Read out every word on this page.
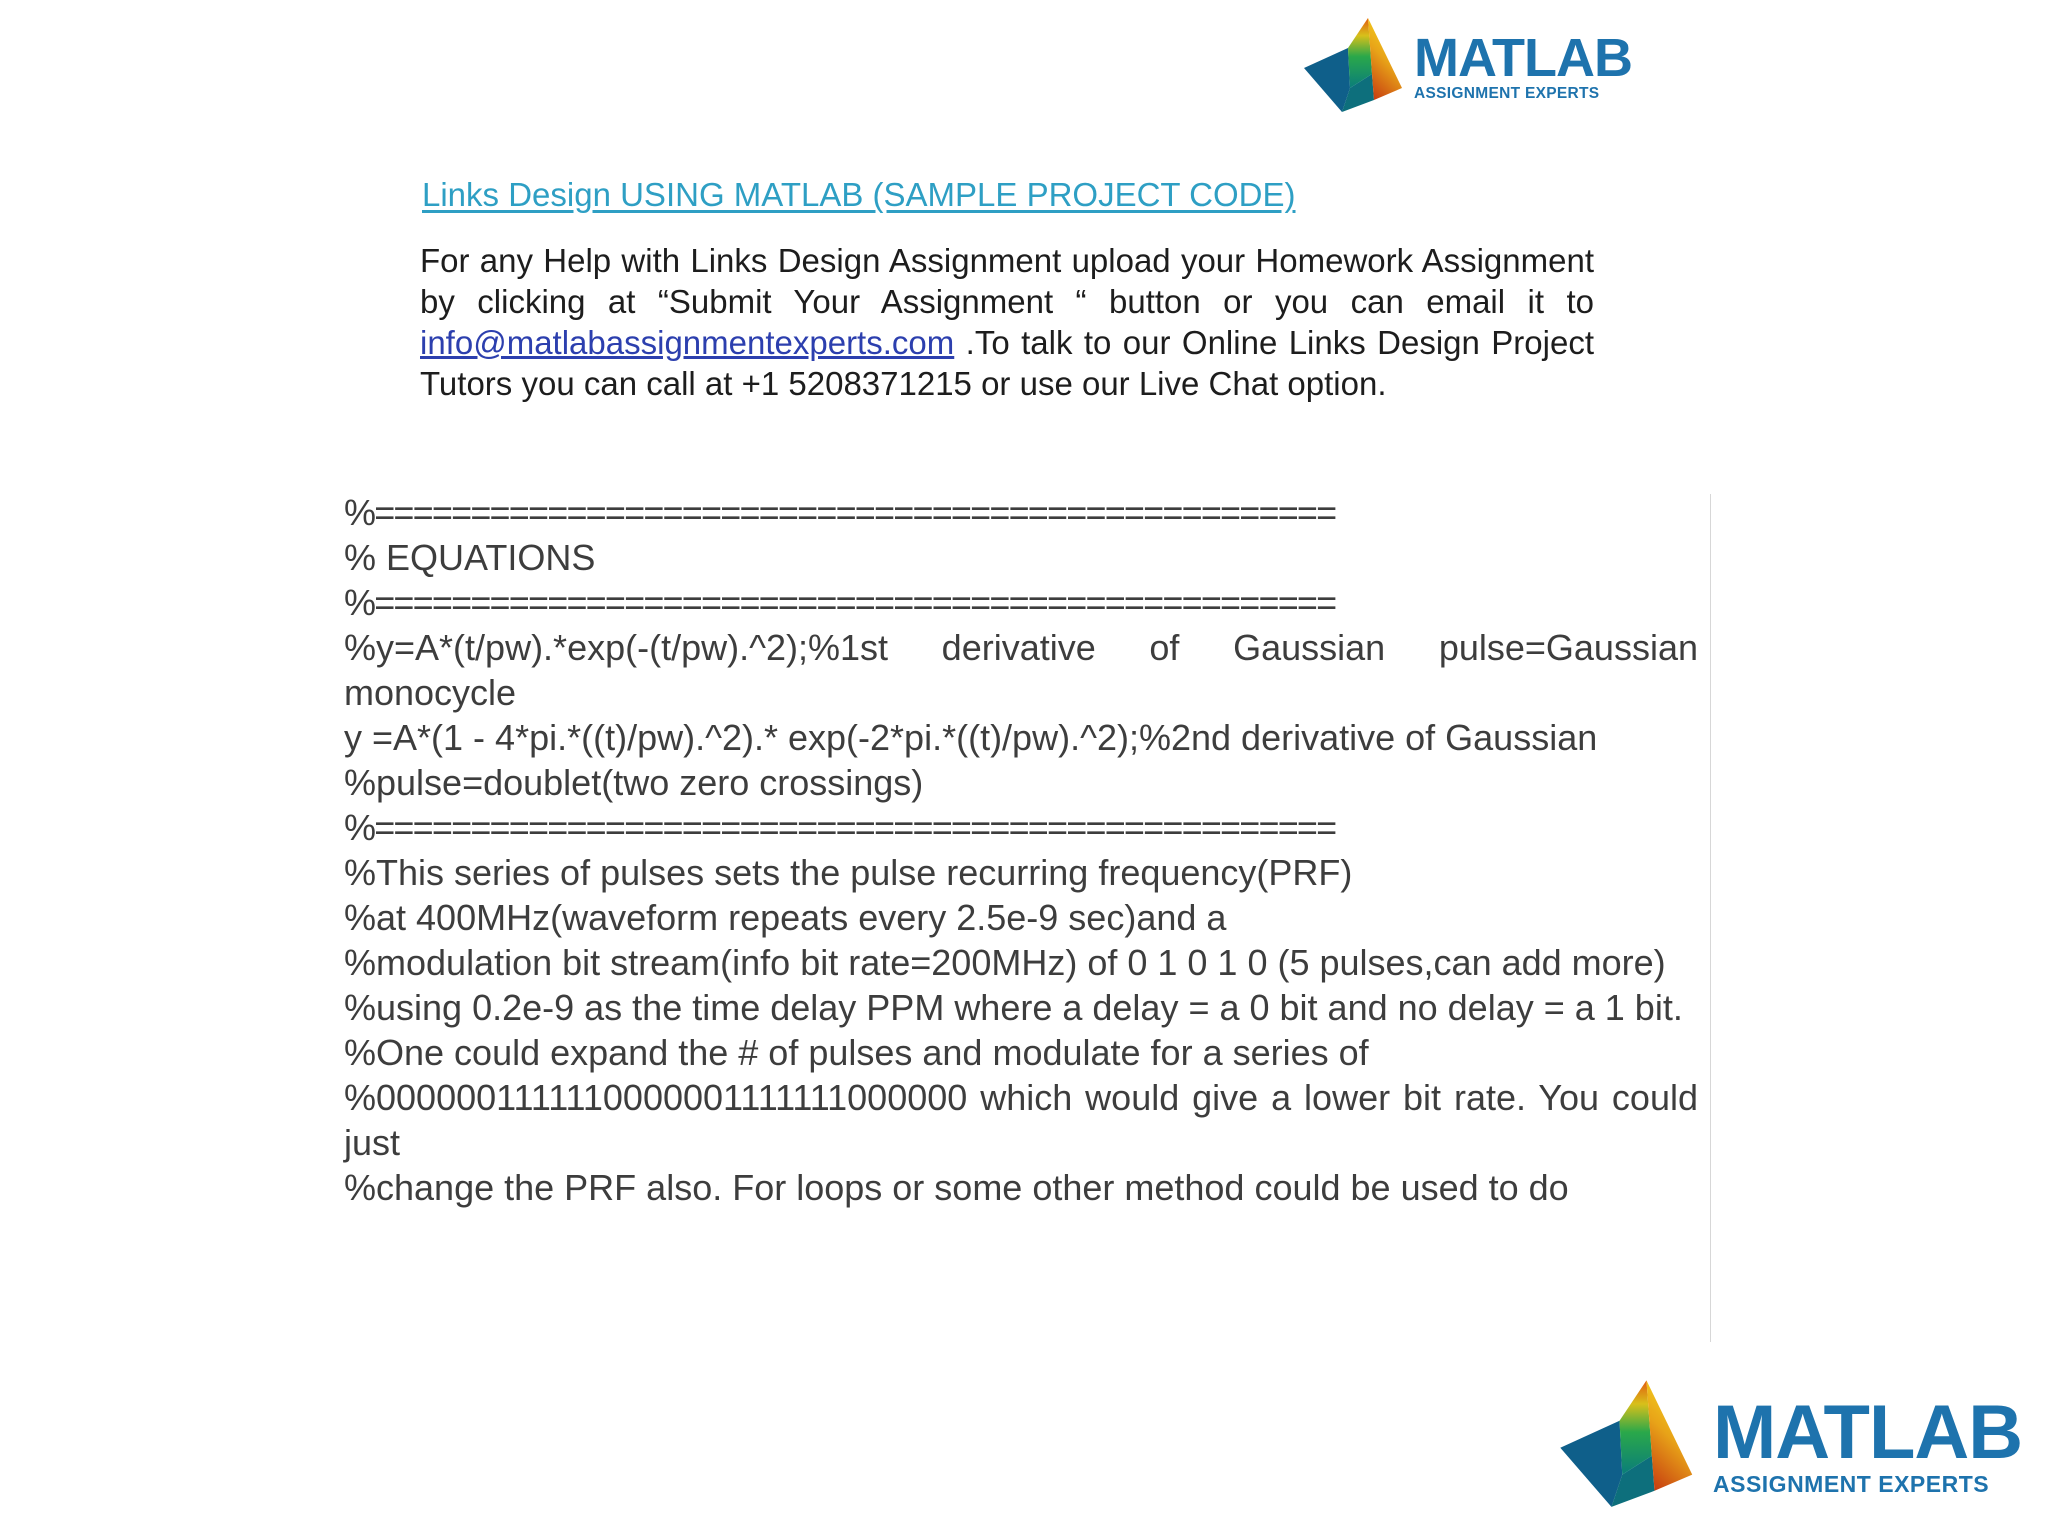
MATLAB
ASSIGNMENT EXPERTS
Links Design USING MATLAB (SAMPLE PROJECT CODE)
For any Help with Links Design Assignment upload your Homework Assignment by clicking at “Submit Your Assignment “ button or you can email it to info@matlabassignmentexperts.com .To talk to our Online Links Design Project Tutors you can call at +1 5208371215 or use our Live Chat option.
%==================================================
% EQUATIONS
%==================================================
%y=A*(t/pw).*exp(-(t/pw).^2);%1st derivative of Gaussian pulse=Gaussian monocycle
y =A*(1 - 4*pi.*((t)/pw).^2).* exp(-2*pi.*((t)/pw).^2);%2nd derivative of Gaussian
%pulse=doublet(two zero crossings)
%==================================================
%This series of pulses sets the pulse recurring frequency(PRF)
%at 400MHz(waveform repeats every 2.5e-9 sec)and a
%modulation bit stream(info bit rate=200MHz) of 0 1 0 1 0 (5 pulses,can add more)
%using 0.2e-9 as the time delay PPM where a delay = a 0 bit and no delay = a 1 bit.
%One could expand the # of pulses and modulate for a series of
%0000001111110000001111111000000 which would give a lower bit rate. You could just
%change the PRF also. For loops or some other method could be used to do
MATLAB
ASSIGNMENT EXPERTS
